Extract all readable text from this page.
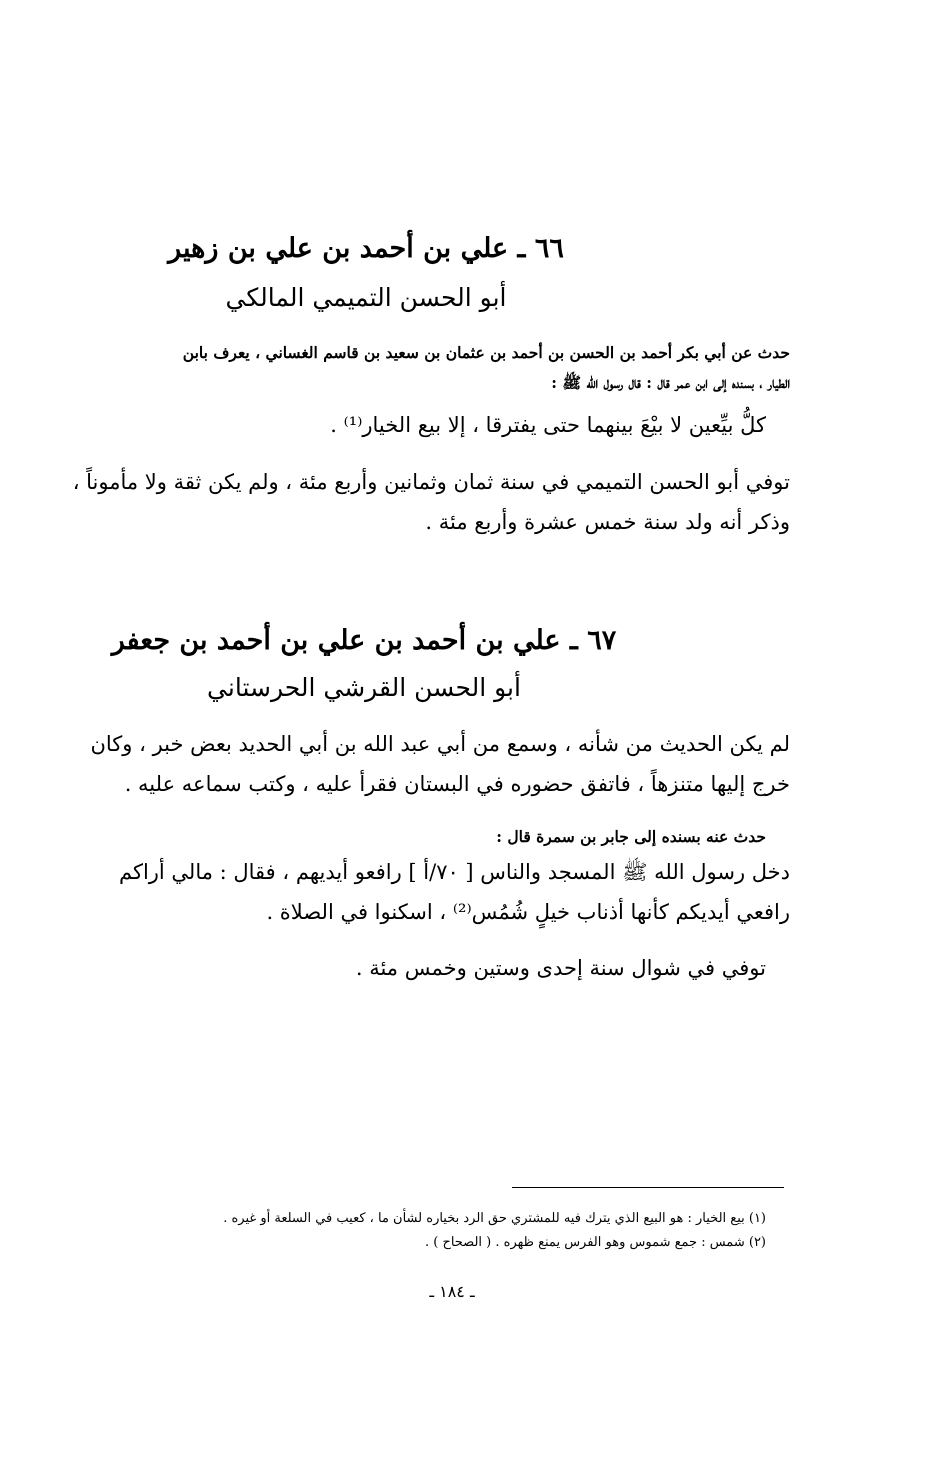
٦٦ ـ علي بن أحمد بن علي بن زهير
أبو الحسن التميمي المالكي
حدث عن أبي بكر أحمد بن الحسن بن أحمد بن عثمان بن سعيد بن قاسم الغساني ، يعرف بابن
الطيار ، بسنده إلى ابن عمر قال : قال رسول الله ﷺ :
كلُّ بيِّعين لا بيْعَ بينهما حتى يفترقا ، إلا بيع الخيار⁽¹⁾ .
توفي أبو الحسن التميمي في سنة ثمان وثمانين وأربع مئة ، ولم يكن ثقة ولا مأموناً ،
وذكر أنه ولد سنة خمس عشرة وأربع مئة .
٦٧ ـ علي بن أحمد بن علي بن أحمد بن جعفر
أبو الحسن القرشي الحرستاني
لم يكن الحديث من شأنه ، وسمع من أبي عبد الله بن أبي الحديد بعض خبر ، وكان
خرج إليها متنزهاً ، فاتفق حضوره في البستان فقرأ عليه ، وكتب سماعه عليه .
حدث عنه بسنده إلى جابر بن سمرة قال :
دخل رسول الله ﷺ المسجد والناس [ ٧٠/أ ] رافعو أيديهم ، فقال : مالي أراكم
رافعي أيديكم كأنها أذناب خيلٍ شُمُس⁽²⁾ ، اسكنوا في الصلاة .
توفي في شوال سنة إحدى وستين وخمس مئة .
(١) بيع الخيار : هو البيع الذي يترك فيه للمشتري حق الرد بخياره لشأن ما ، كعيب في السلعة أو غيره .
(٢) شمس : جمع شموس وهو الفرس يمنع ظهره . ( الصحاح ) .
ـ ١٨٤ ـ
